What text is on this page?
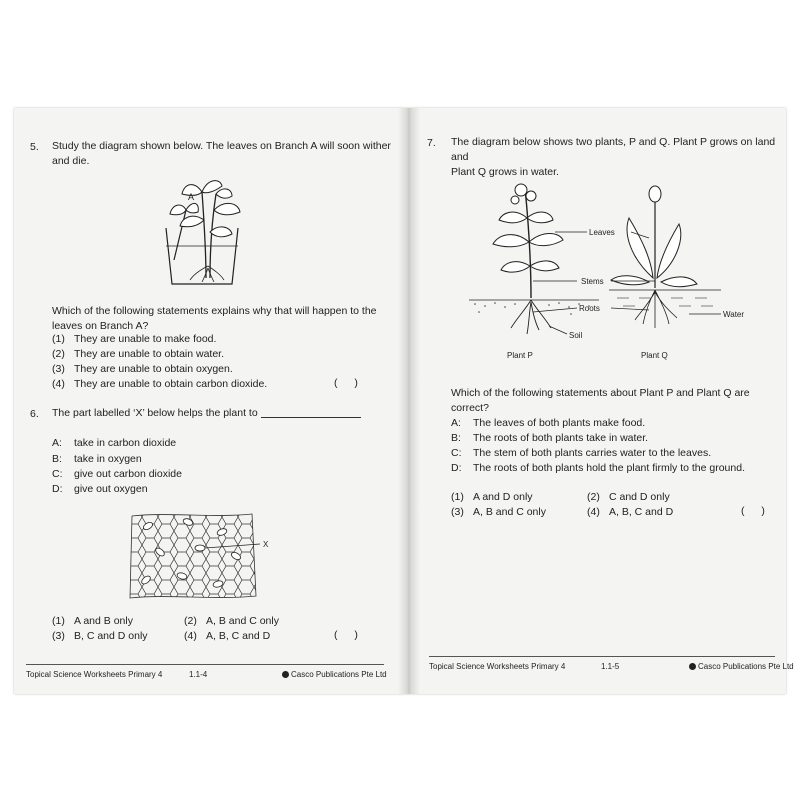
5. Study the diagram shown below. The leaves on Branch A will soon wither
and die.
A
Which of the following statements explains why that will happen to the
leaves on Branch A?
(1) They are unable to make food.
(2) They are unable to obtain water.
(3) They are unable to obtain oxygen.
(4) They are unable to obtain carbon dioxide.	( )
6. The part labelled ‘X’ below helps the plant to
A: take in carbon dioxide
B: take in oxygen
C: give out carbon dioxide
D: give out oxygen
X
(1) A and B only	(2) A, B and C only
(3) B, C and D only	(4) A, B, C and D	( )
Topical Science Worksheets Primary 4	1.1-4	Casco Publications Pte Ltd
7. The diagram below shows two plants, P and Q. Plant P grows on land and
Plant Q grows in water.
Leaves
Stems
Roots
Soil
Water
Plant P	Plant Q
Which of the following statements about Plant P and Plant Q are correct?
A: The leaves of both plants make food.
B: The roots of both plants take in water.
C: The stem of both plants carries water to the leaves.
D: The roots of both plants hold the plant firmly to the ground.
(1) A and D only	(2) C and D only
(3) A, B and C only	(4) A, B, C and D	( )
Topical Science Worksheets Primary 4	1.1-5	Casco Publications Pte Ltd
